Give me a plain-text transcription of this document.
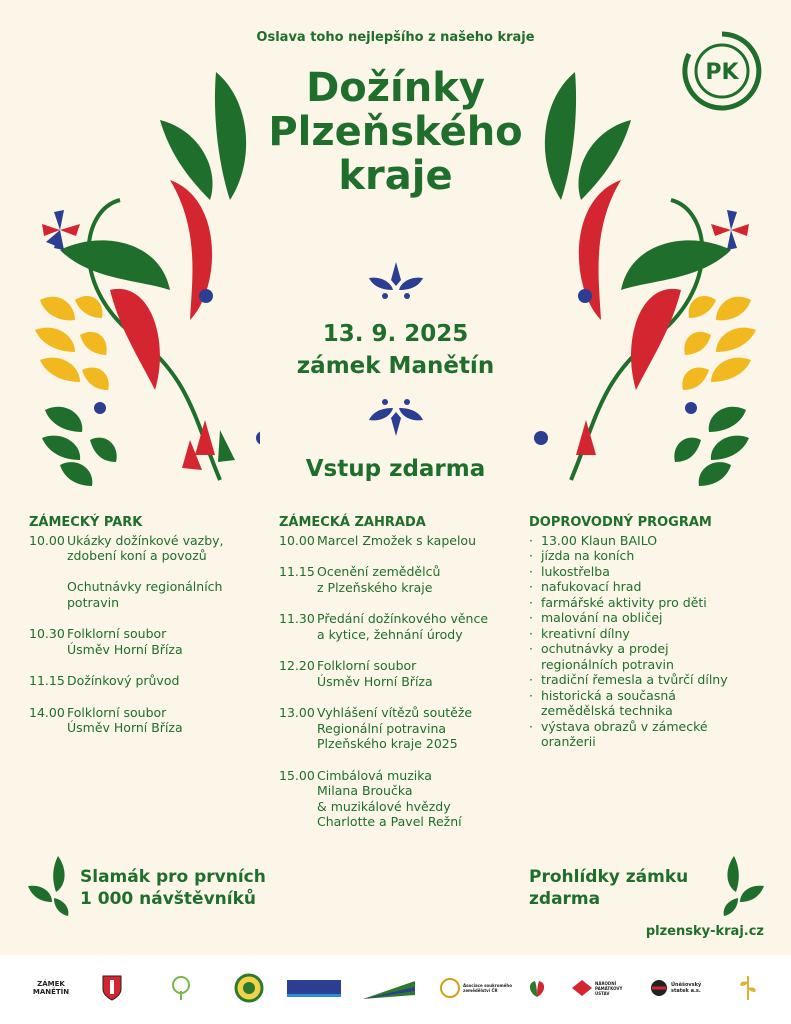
Oslava toho nejlepšího z našeho kraje
Dožínky
Plzeňského
kraje
PK
13. 9. 2025
zámek Manětín
Vstup zdarma
ZÁMECKÝ PARK
10.00 Ukázky dožínkové vazby,
zdobení koní a povozů

Ochutnávky regionálních
potravin
10.30 Folklorní soubor
Úsměv Horní Bříza
11.15 Dožínkový průvod
14.00 Folklorní soubor
Úsměv Horní Bříza
ZÁMECKÁ ZAHRADA
10.00 Marcel Zmožek s kapelou
11.15 Ocenění zemědělců
z Plzeňského kraje
11.30 Předání dožínkového věnce
a kytice, žehnání úrody
12.20 Folklorní soubor
Úsměv Horní Bříza
13.00 Vyhlášení vítězů soutěže
Regionální potravina
Plzeňského kraje 2025
15.00 Cimbálová muzika
Milana Broučka
& muzikálové hvězdy
Charlotte a Pavel Režní
DOPROVODNÝ PROGRAM
· 13.00 Klaun BAILO
· jízda na koních
· lukostřelba
· nafukovací hrad
· farmářské aktivity pro děti
· malování na obličej
· kreativní dílny
· ochutnávky a prodej
regionálních potravin
· tradiční řemesla a tvůrčí dílny
· historická a současná
zemědělská technika
· výstava obrazů v zámecké
oranžerii
Slamák pro prvních
1 000 návštěvníků
Prohlídky zámku
zdarma
plzensky-kraj.cz
ZÁMEK MANĚTÍN
Asociace soukromého zemědělství ČR
NÁRODNÍ PAMÁTKOVÝ ÚSTAV
Úněšovský statek a.s.
